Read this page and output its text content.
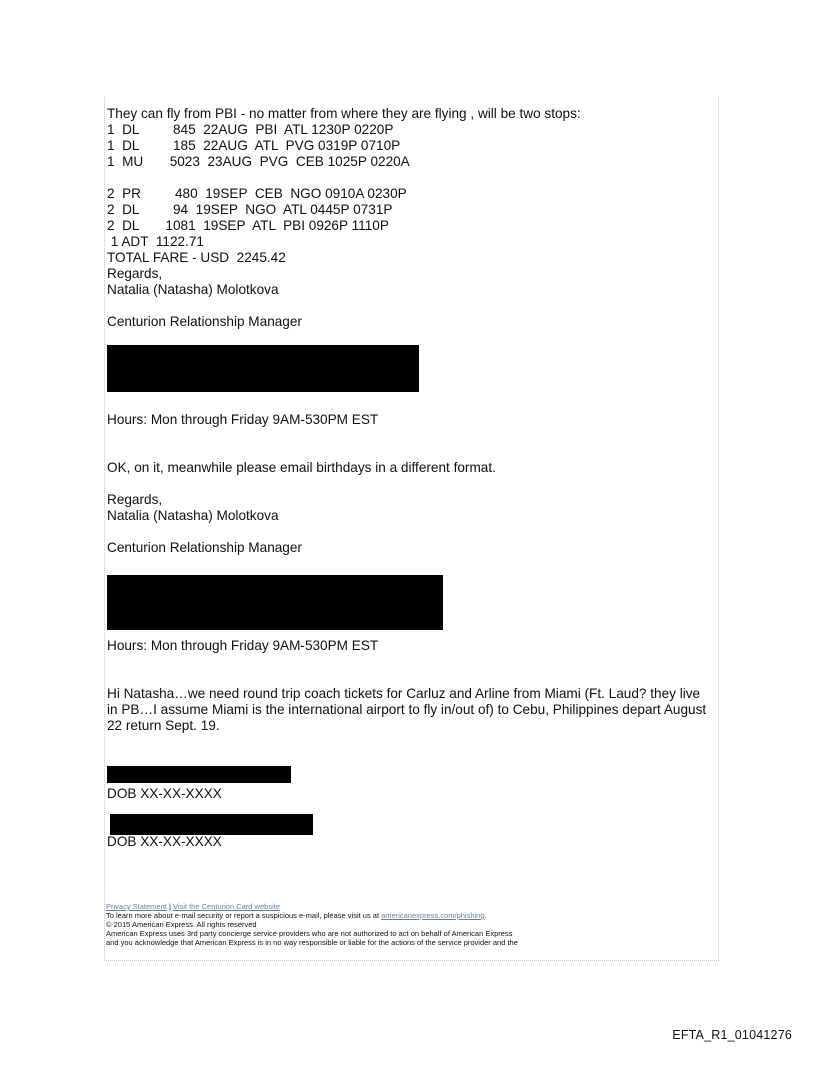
They can fly from PBI - no matter from where they are flying , will be two stops:
1  DL         845  22AUG  PBI  ATL 1230P 0220P
1  DL         185  22AUG  ATL  PVG 0319P 0710P
1  MU       5023  23AUG  PVG  CEB 1025P 0220A
2  PR         480  19SEP  CEB  NGO 0910A 0230P
2  DL         94  19SEP  NGO  ATL 0445P 0731P
2  DL       1081  19SEP  ATL  PBI 0926P 1110P
1 ADT  1122.71
TOTAL FARE - USD  2245.42
Regards,
Natalia (Natasha) Molotkova
Centurion Relationship Manager
Hours: Mon through Friday 9AM-530PM EST
OK, on it, meanwhile please email birthdays in a different format.
Regards,
Natalia (Natasha) Molotkova
Centurion Relationship Manager
Hours: Mon through Friday 9AM-530PM EST
Hi Natasha…we need round trip coach tickets for Carluz and Arline from Miami (Ft. Laud? they live in PB…I assume Miami is the international airport to fly in/out of) to Cebu, Philippines depart August 22 return Sept. 19.
DOB XX-XX-XXXX
DOB XX-XX-XXXX
Privacy Statement | Visit the Centurion Card website
To learn more about e-mail security or report a suspicious e-mail, please visit us at americanexpress.com/phishing.
© 2015 American Express. All rights reserved
American Express uses 3rd party concierge service providers who are not authorized to act on behalf of American Express
and you acknowledge that American Express is in no way responsible or liable for the actions of the service provider and the
EFTA_R1_01041276
